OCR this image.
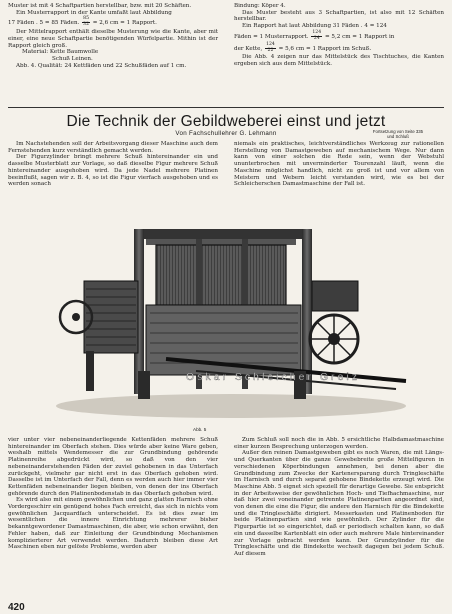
Muster ist mit 4 Schaftpartien herstellbar, bzw. mit 20 Schäften.

Ein Musterrapport in der Kante umfaßt laut Abbildung

17 Fäden . 5 = 85 Fäden. $\frac{85}{32} = 2,6$ cm = 1 Rapport.

Der Mittelrapport enthält dieselbe Musterung wie die Kante, aber mit einer, eine neue Schaftpartie benötigenden Würfelpartie. Mithin ist der Rapport gleich groß.

Material: Kette Baumwolle

Schuß Leinen.

Abb. 4. Qualität: 24 Kettfäden und 22 Schußfäden auf 1 cm.

Bindung: Köper 4.

Das Muster besteht aus 3 Schaftpartien, ist also mit 12 Schäften herstellbar.

Ein Rapport hat laut Abbildung 31 Fäden . 4 = 124

Fäden = 1 Musterrapport. $\frac{124}{24} = 5,2$ cm = 1 Rapport in

der Kette, $\frac{124}{22} = 5,6$ cm = 1 Rapport im Schuß.

Die Abb. 4 zeigen nur das Mittelstück des Tischtuches, die Kanten ergeben sich aus dem Mittelstück.

Die Technik der Gebildweberei einst und jetzt
Von Fachschullehrer G. Lehmann	Fortsetzung von Seite 335
und Schluß

Im Nachstehenden soll der Arbeitsvorgang dieser Maschine auch dem Fernstehenden kurz verständlich gemacht werden.

Der Figurzylinder bringt mehrere Schuß hintereinander ein und dasselbe Musterblatt zur Vorlage, so daß dieselbe Figur mehrere Schuß hintereinander ausgehoben wird. Da jede Nadel mehrere Platinen beeinflußt, sagen wir z. B. 4, so ist die Figur vierfach ausgehoben und es werden sonach

niemals ein praktisches, leichtverständliches Werkzeug zur rationellen Herstellung von Damastgeweben auf mechanischem Wege. Nur dann kann von einer solchen die Rede sein, wenn der Webstuhl ununterbrochen mit unverminderter Tourenzahl läuft, wenn die Maschine möglichst handlich, nicht zu groß ist und vor allem von Meistern und Webern leicht verstanden wird, wie es bei der Schleicherschen Damastmaschine der Fall ist.

Oskar Schleicher Greiz
Abb. 5

vier unter vier nebeneinanderliegende Kettenfäden mehrere Schuß hintereinander im Oberfach stehen. Dies würde aber keine Ware geben, weshalb mittels Wendemesser die zur Grundbindung gehörende Platinenreihe abgedrückt wird, so daß von den vier nebeneinanderstehenden Fäden der zuviel gehobenen in das Unterfach zurückgeht, vielmehr gar nicht erst in das Oberfach gehoben wird. Dasselbe ist im Unterfach der Fall, denn es werden auch hier immer vier Kettenfäden nebeneinander liegen bleiben, von denen der ins Oberfach gehörende durch den Platinenbodenstab in das Oberfach gehoben wird.

Es wird also mit einem gewöhnlichen und ganz glatten Harnisch ohne Vordergeschirr ein genügend hohes Fach erreicht, das sich in nichts vom gewöhnlichen Jacquardfach unterscheidet. Es ist dies zwar im wesentlichen die innere Einrichtung mehrerer bisher bekanntgewordener Damastmaschinen, die aber, wie schon erwähnt, den Fehler haben, daß zur Einleitung der Grundbindung Mechanismen komplizierterer Art verwendet werden. Dadurch bleiben diese Art Maschinen eben nur gelöste Probleme, werden aber

Zum Schluß soll noch die in Abb. 5 ersichtliche Halbdamastmaschine einer kurzen Besprechung unterzogen werden.

Außer den reinen Damastgeweben gibt es noch Waren, die mit Längs- und Querkanten über die ganze Gewebebreite große Mittelfiguren in verschiedenen Köperbindungen annehmen, bei denen aber die Grundbindung zum Zwecke der Kartenersparung durch Tringleschäfte im Harnisch und durch separat gehobene Bindekette erzeugt wird. Die Maschine Abb. 5 eignet sich speziell für derartige Gewebe. Sie entspricht in der Arbeitsweise der gewöhnlichen Hoch- und Tiefhachmaschine, nur daß hier zwei voneinander getrennte Platinenpartien angeordnet sind, von denen die eine die Figur, die andere den Harnisch für die Bindekette und die Tringleschäfte dirigiert. Messerkasten und Platinenboden für beide Platinenpartien sind wie gewöhnlich. Der Zylinder für die Figurpartie ist so eingerichtet, daß er periodisch schalten kann, so daß ein und dasselbe Kartenblatt ein oder auch mehrere Male hintereinander zur Vorlage gebracht werden kann. Der Grundzylinder für die Tringleschäfte und die Bindekette wechselt dagegen bei jedem Schuß. Auf diesem

420
